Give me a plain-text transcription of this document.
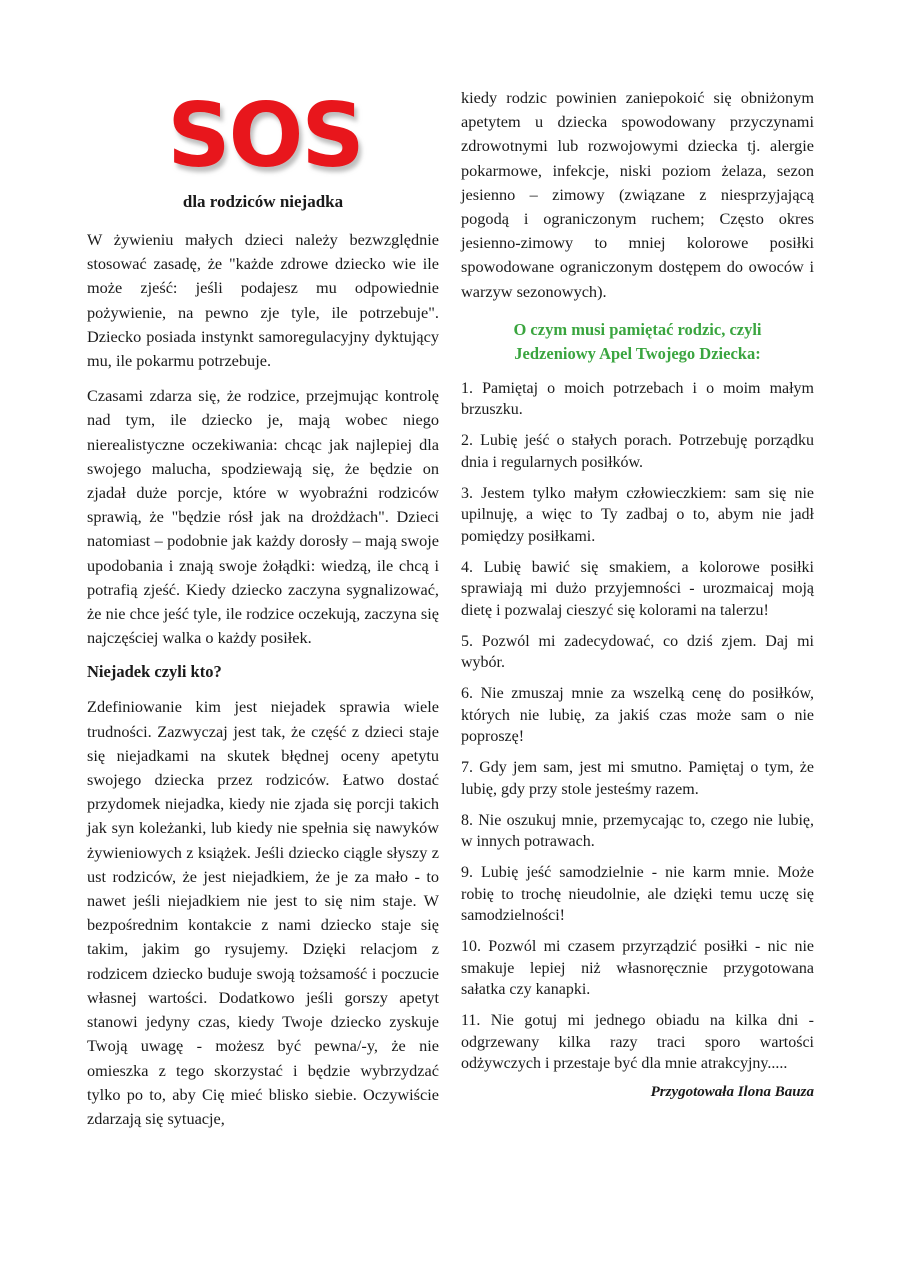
SOS
dla rodziców niejadka

W żywieniu małych dzieci należy bezwzględnie stosować zasadę, że "każde zdrowe dziecko wie ile może zjeść: jeśli podajesz mu odpowiednie pożywienie, na pewno zje tyle, ile potrzebuje". Dziecko posiada instynkt samoregulacyjny dyktujący mu, ile pokarmu potrzebuje.

Czasami zdarza się, że rodzice, przejmując kontrolę nad tym, ile dziecko je, mają wobec niego nierealistyczne oczekiwania: chcąc jak najlepiej dla swojego malucha, spodziewają się, że będzie on zjadał duże porcje, które w wyobraźni rodziców sprawią, że "będzie rósł jak na drożdżach". Dzieci natomiast – podobnie jak każdy dorosły – mają swoje upodobania i znają swoje żołądki: wiedzą, ile chcą i potrafią zjeść. Kiedy dziecko zaczyna sygnalizować, że nie chce jeść tyle, ile rodzice oczekują, zaczyna się najczęściej walka o każdy posiłek.

Niejadek czyli kto?

Zdefiniowanie kim jest niejadek sprawia wiele trudności. Zazwyczaj jest tak, że część z dzieci staje się niejadkami na skutek błędnej oceny apetytu swojego dziecka przez rodziców. Łatwo dostać przydomek niejadka, kiedy nie zjada się porcji takich jak syn koleżanki, lub kiedy nie spełnia się nawyków żywieniowych z książek. Jeśli dziecko ciągle słyszy z ust rodziców, że jest niejadkiem, że je za mało - to nawet jeśli niejadkiem nie jest to się nim staje. W bezpośrednim kontakcie z nami dziecko staje się takim, jakim go rysujemy. Dzięki relacjom z rodzicem dziecko buduje swoją tożsamość i poczucie własnej wartości. Dodatkowo jeśli gorszy apetyt stanowi jedyny czas, kiedy Twoje dziecko zyskuje Twoją uwagę - możesz być pewna/-y, że nie omieszka z tego skorzystać i będzie wybrzydzać tylko po to, aby Cię mieć blisko siebie. Oczywiście zdarzają się sytuacje,

kiedy rodzic powinien zaniepokoić się obniżonym apetytem u dziecka spowodowany przyczynami zdrowotnymi lub rozwojowymi dziecka tj. alergie pokarmowe, infekcje, niski poziom żelaza, sezon jesienno – zimowy (związane z niesprzyjającą pogodą i ograniczonym ruchem; Często okres jesienno-zimowy to mniej kolorowe posiłki spowodowane ograniczonym dostępem do owoców i warzyw sezonowych).

O czym musi pamiętać rodzic, czyli
Jedzeniowy Apel Twojego Dziecka:
1. Pamiętaj o moich potrzebach i o moim małym brzuszku.
2. Lubię jeść o stałych porach. Potrzebuję porządku dnia i regularnych posiłków.
3. Jestem tylko małym człowieczkiem: sam się nie upilnuję, a więc to Ty zadbaj o to, abym nie jadł pomiędzy posiłkami.
4. Lubię bawić się smakiem, a kolorowe posiłki sprawiają mi dużo przyjemności - urozmaicaj moją dietę i pozwalaj cieszyć się kolorami na talerzu!
5. Pozwól mi zadecydować, co dziś zjem. Daj mi wybór.
6. Nie zmuszaj mnie za wszelką cenę do posiłków, których nie lubię, za jakiś czas może sam o nie poproszę!
7. Gdy jem sam, jest mi smutno. Pamiętaj o tym, że lubię, gdy przy stole jesteśmy razem.
8. Nie oszukuj mnie, przemycając to, czego nie lubię, w innych potrawach.
9. Lubię jeść samodzielnie - nie karm mnie. Może robię to trochę nieudolnie, ale dzięki temu uczę się samodzielności!
10. Pozwól mi czasem przyrządzić posiłki - nic nie smakuje lepiej niż własnoręcznie przygotowana sałatka czy kanapki.
11. Nie gotuj mi jednego obiadu na kilka dni - odgrzewany kilka razy traci sporo wartości odżywczych i przestaje być dla mnie atrakcyjny.....
Przygotowała Ilona Bauza
